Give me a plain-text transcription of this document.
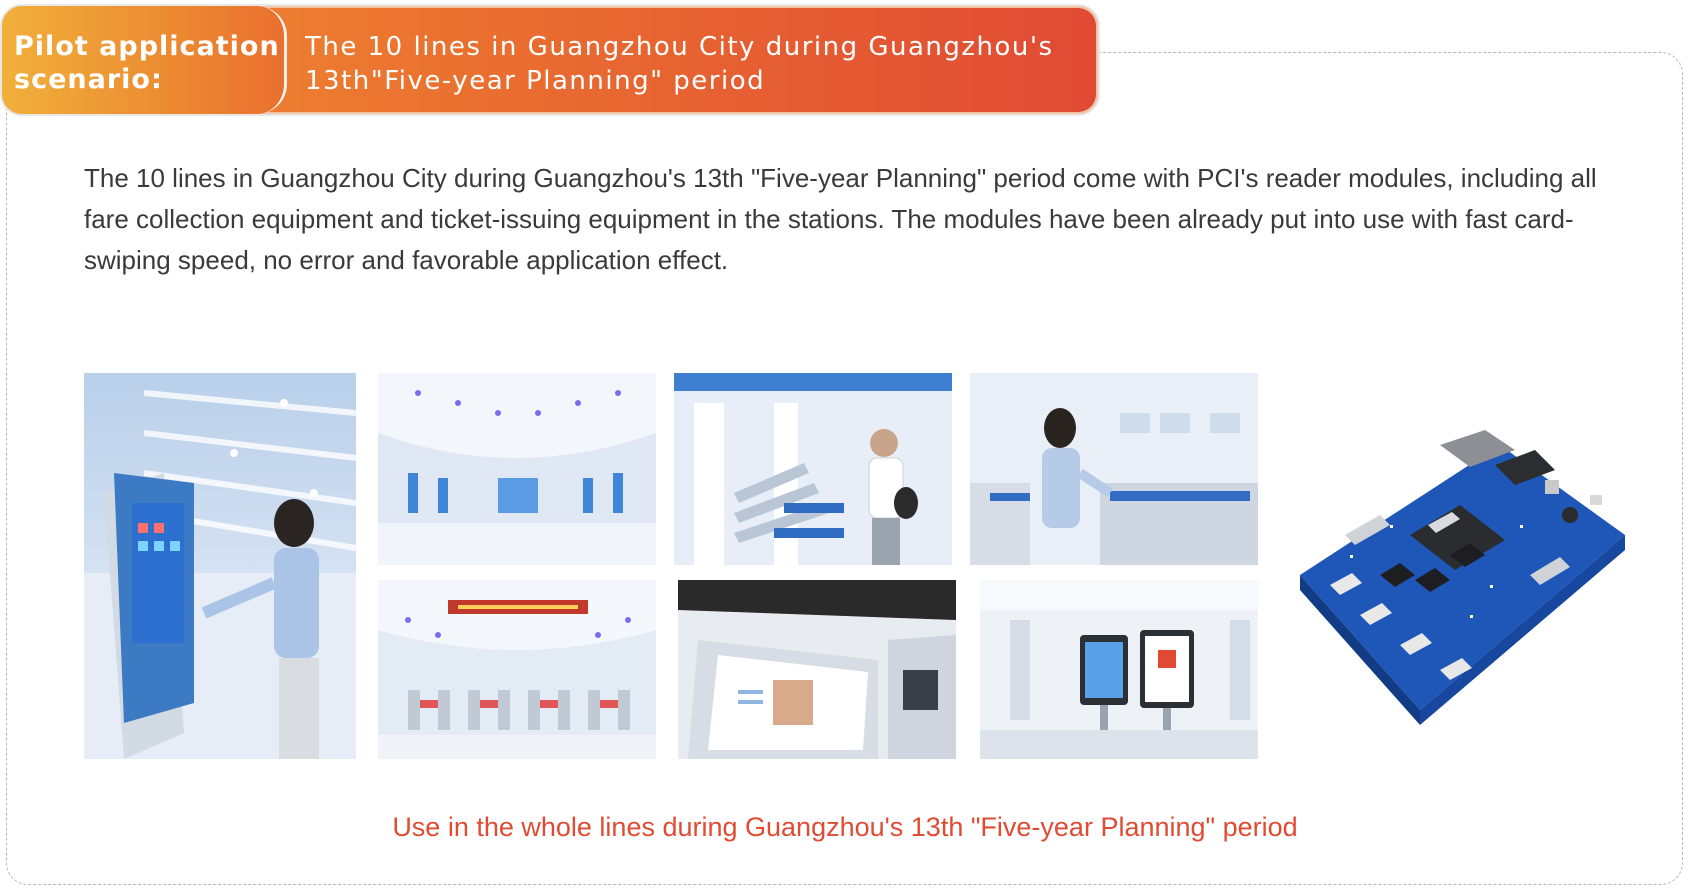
Pilot application scenario:
The 10 lines in Guangzhou City during Guangzhou's 13th"Five-year Planning" period

The 10 lines in Guangzhou City during Guangzhou's 13th "Five-year Planning" period come with PCI's reader modules, including all fare collection equipment and ticket-issuing equipment in the stations. The modules have been already put into use with fast card-swiping speed, no error and favorable application effect.

Use in the whole lines during Guangzhou's 13th "Five-year Planning" period
